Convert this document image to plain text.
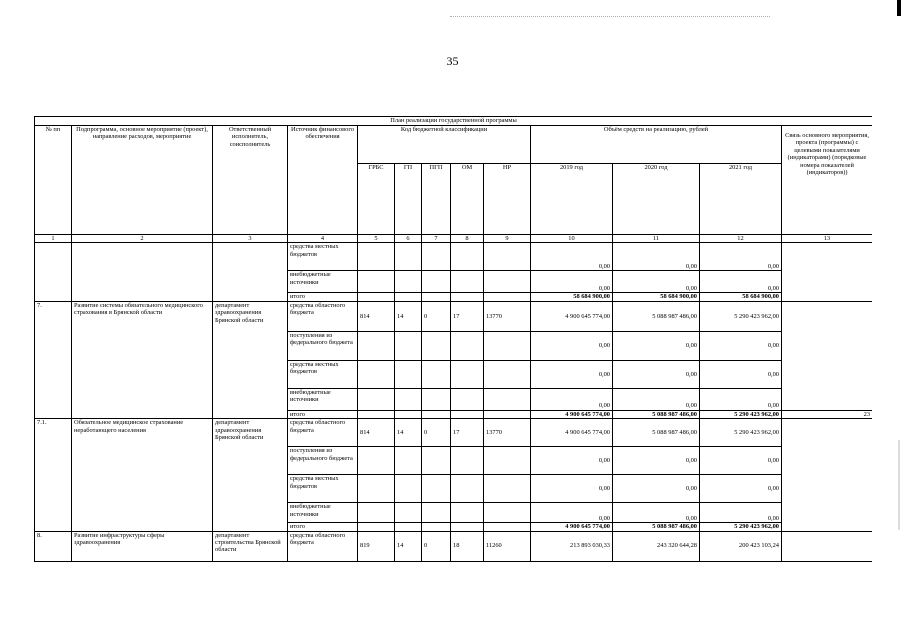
35
План реализации государственной программы												
№ пп	Подпрограмма, основное мероприятие (проект), направление расходов, мероприятие	Ответственный исполнитель, соисполнитель	Источник финансового обеспечения	Код бюджетной классификации					Объём средств на реализацию, рублей			Связь основного мероприятия, проекта (программы) с целевыми показателями (индикаторами) (порядковые номера показателей (индикаторов))
				ГРБС	ГП	ПГП	ОМ	НР	2019 год	2020 год	2021 год	
1	2	3	4	5	6	7	8	9	10	11	12	13
			средства местных бюджетов						0,00	0,00	0,00	
			внебюджетные источники						0,00	0,00	0,00	
			итого						58 684 900,00	58 684 900,00	58 684 900,00	
7.	Развитие системы обязательного медицинского страхования в Брянской области	департамент здравоохранения Брянской области	средства областного бюджета	814	14	0	17	13770	4 900 645 774,00	5 088 987 486,00	5 290 423 962,00	
			поступления из федерального бюджета						0,00	0,00	0,00	
			средства местных бюджетов						0,00	0,00	0,00	
			внебюджетные источники						0,00	0,00	0,00	
			итого						4 900 645 774,00	5 088 987 486,00	5 290 423 962,00	23
7.1.	Обязательное медицинское страхование неработающего населения	департамент здравоохранения Брянской области	средства областного бюджета	814	14	0	17	13770	4 900 645 774,00	5 088 987 486,00	5 290 423 962,00	
			поступления из федерального бюджета						0,00	0,00	0,00	
			средства местных бюджетов						0,00	0,00	0,00	
			внебюджетные источники						0,00	0,00	0,00	
			итого						4 900 645 774,00	5 088 987 486,00	5 290 423 962,00	
8.	Развитие инфраструктуры сферы здравоохранения	департамент строительства Брянской области	средства областного бюджета	819	14	0	18	11260	213 893 030,33	243 320 644,28	200 423 103,24	
